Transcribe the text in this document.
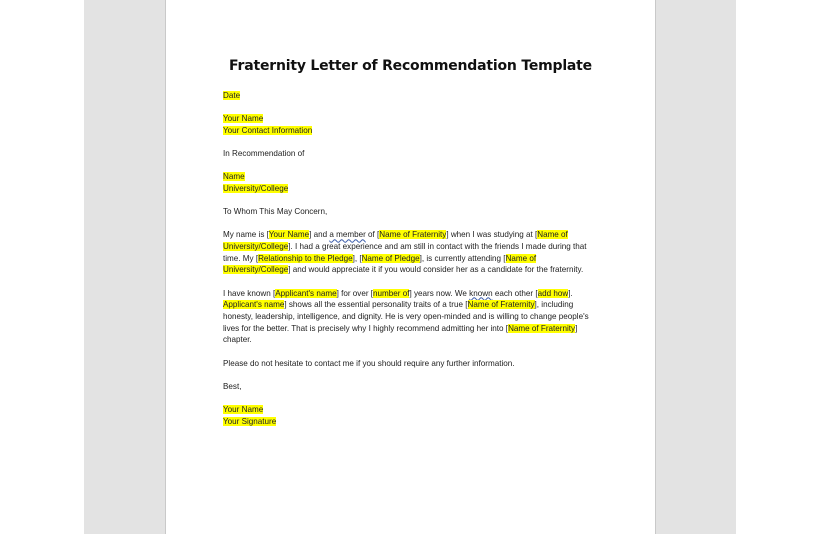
Fraternity Letter of Recommendation Template
Date
Your Name
Your Contact Information
In Recommendation of
Name
University/College
To Whom This May Concern,
My name is [Your Name] and a member of [Name of Fraternity] when I was studying at [Name of
University/College]. I had a great experience and am still in contact with the friends I made during that
time. My [Relationship to the Pledge], [Name of Pledge], is currently attending [Name of
University/College] and would appreciate it if you would consider her as a candidate for the fraternity.
I have known [Applicant's name] for over [number of] years now. We known each other [add how].
Applicant's name] shows all the essential personality traits of a true [Name of Fraternity], including
honesty, leadership, intelligence, and dignity. He is very open-minded and is willing to change people's
lives for the better. That is precisely why I highly recommend admitting her into [Name of Fraternity]
chapter.
Please do not hesitate to contact me if you should require any further information.
Best,
Your Name
Your Signature
